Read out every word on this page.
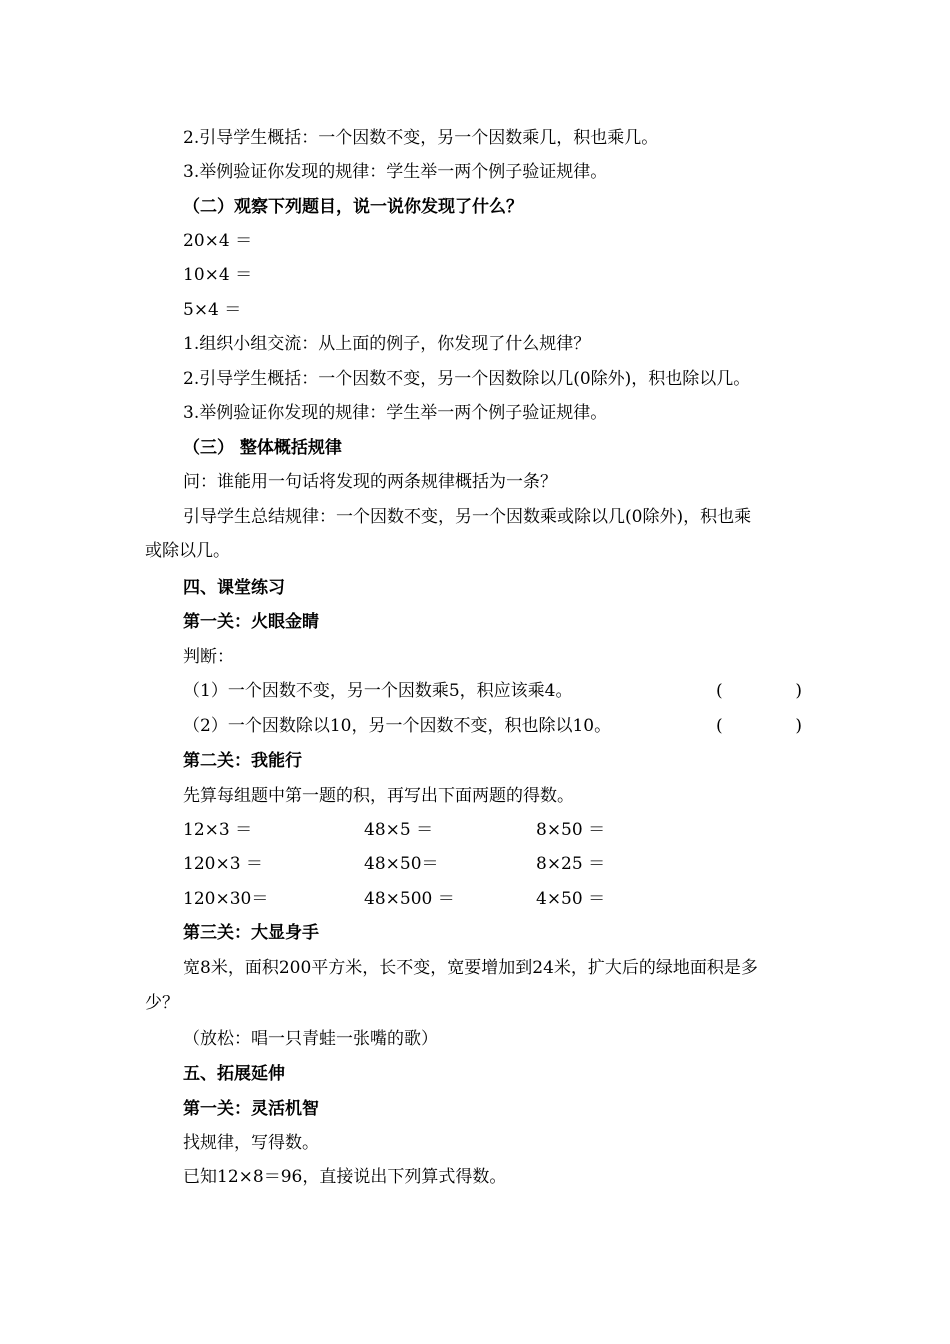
2.引导学生概括：一个因数不变，另一个因数乘几，积也乘几。
3.举例验证你发现的规律：学生举一两个例子验证规律。
（二）观察下列题目，说一说你发现了什么？
20×4 ＝
10×4 ＝
5×4 ＝
1.组织小组交流：从上面的例子，你发现了什么规律？
2.引导学生概括：一个因数不变，另一个因数除以几(0除外)，积也除以几。
3.举例验证你发现的规律：学生举一两个例子验证规律。
（三） 整体概括规律
问：谁能用一句话将发现的两条规律概括为一条？
引导学生总结规律：一个因数不变，另一个因数乘或除以几(0除外)，积也乘
或除以几。
四、课堂练习
第一关：火眼金睛
判断：
（1）一个因数不变，另一个因数乘5，积应该乘4。	(	)
（2）一个因数除以10，另一个因数不变，积也除以10。	(	)
第二关：我能行
先算每组题中第一题的积，再写出下面两题的得数。
12×3 ＝	48×5 ＝	8×50 ＝
120×3 ＝	48×50＝	8×25 ＝
120×30＝	48×500 ＝	4×50 ＝
第三关：大显身手
宽8米，面积200平方米，长不变，宽要增加到24米，扩大后的绿地面积是多
少？
（放松：唱一只青蛙一张嘴的歌）
五、拓展延伸
第一关：灵活机智
找规律，写得数。
已知12×8＝96，直接说出下列算式得数。
